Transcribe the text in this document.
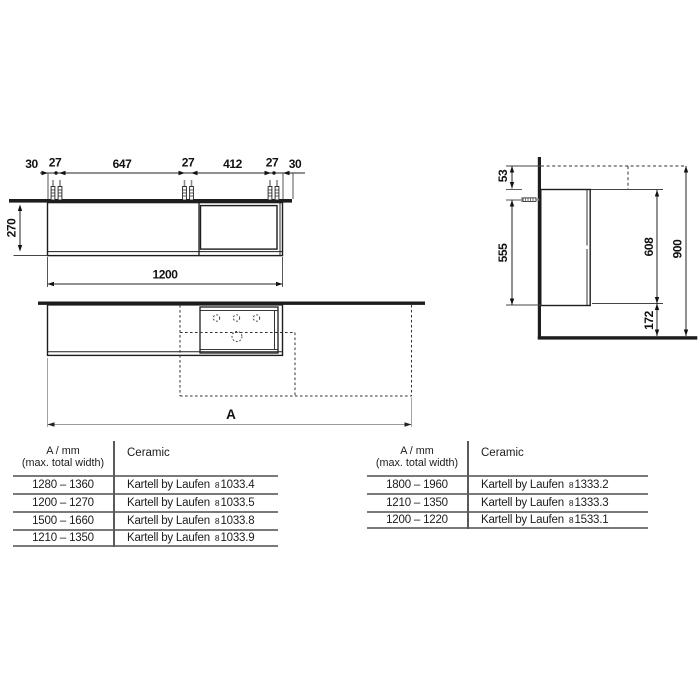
30 27	647	27 412 27 30
270
1200
A
53
555	608
172
900
A / mm
(max. total width)
Ceramic
1280 – 1360	Kartell by Laufen 81033.4
1200 – 1270	Kartell by Laufen 81033.5
1500 – 1660	Kartell by Laufen 81033.8
1210 – 1350	Kartell by Laufen 81033.9
A / mm
(max. total width)
Ceramic
1800 – 1960	Kartell by Laufen 81333.2
1210 – 1350	Kartell by Laufen 81333.3
1200 – 1220	Kartell by Laufen 81533.1
